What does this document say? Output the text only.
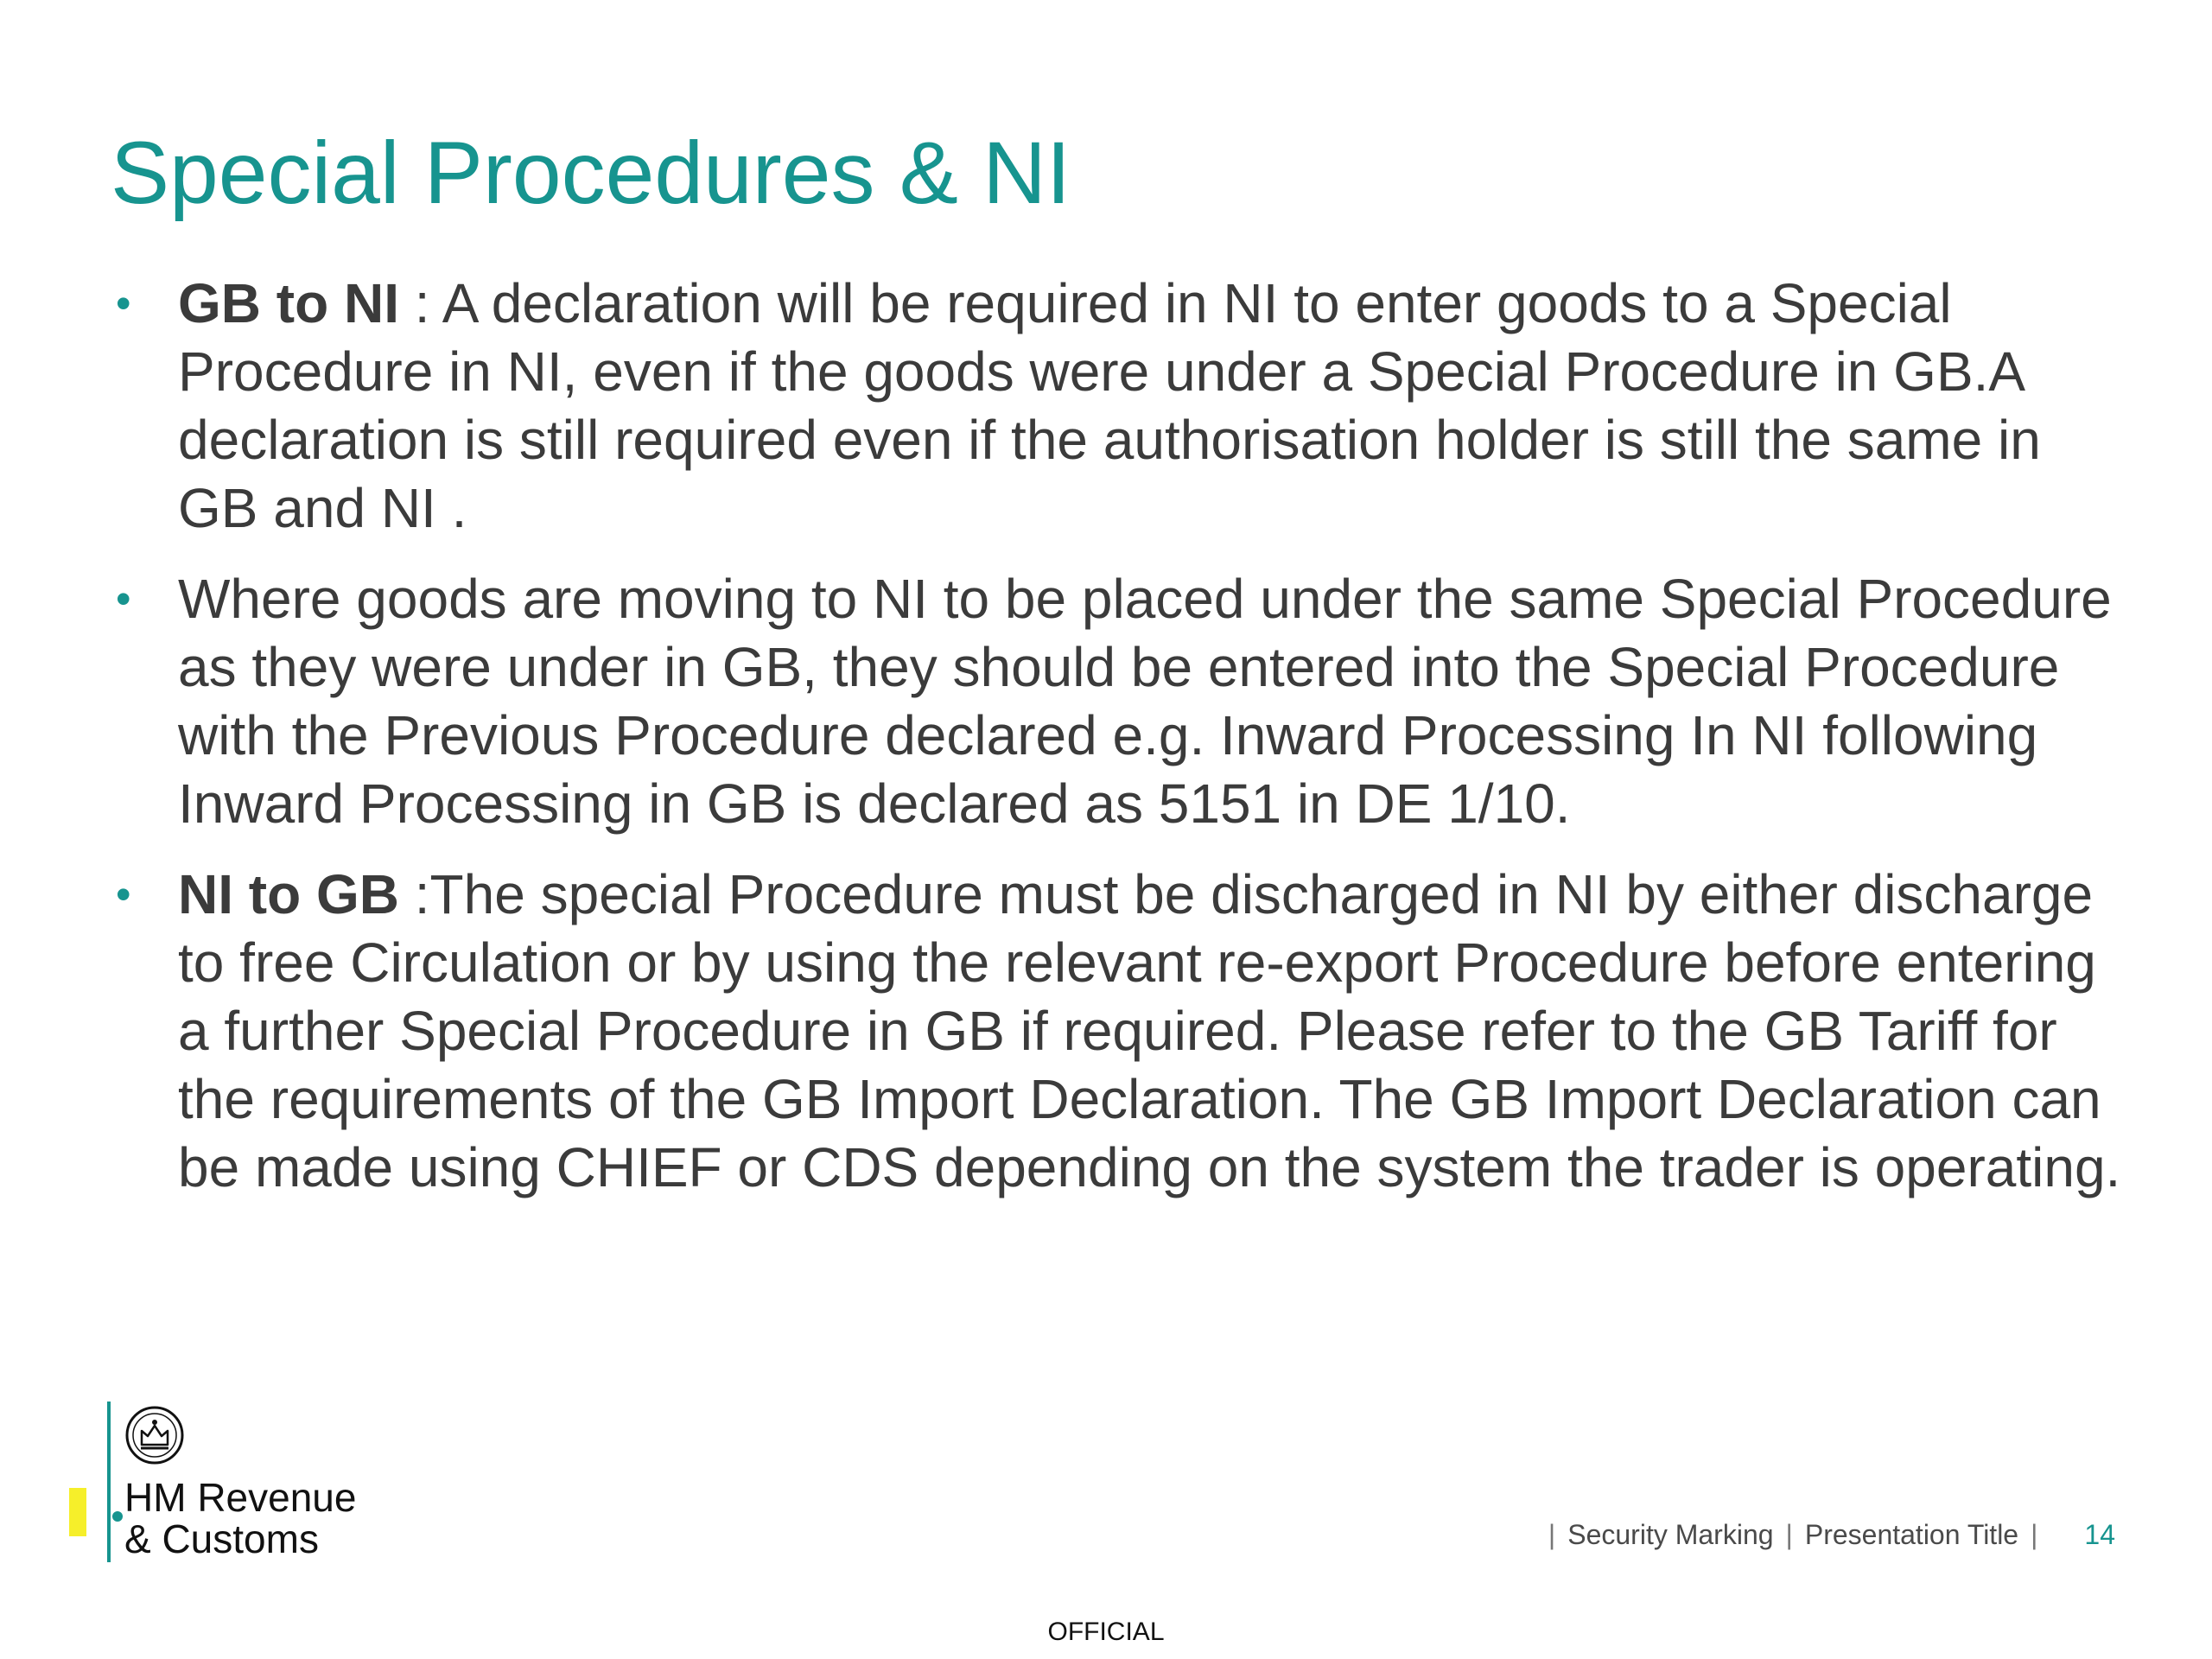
Special Procedures & NI
• GB to NI : A declaration will be required in NI to enter goods to a Special Procedure in NI, even if the goods were under a Special Procedure in GB.A declaration is still required even if the authorisation holder is still the same in GB and NI .
• Where goods are moving to NI to be placed under the same Special Procedure as they were under in GB, they should be entered into the Special Procedure with the Previous Procedure declared e.g. Inward Processing In NI following Inward Processing in GB is declared as 5151 in DE 1/10.
• NI to GB :The special Procedure must be discharged in NI by either discharge to free Circulation or by using the relevant re-export Procedure before entering a further Special Procedure in GB if required. Please refer to the GB Tariff for the requirements of the GB Import Declaration. The GB Import Declaration can be made using CHIEF or CDS depending on the system the trader is operating.
HM Revenue
& Customs	| Security Marking | Presentation Title | 14
OFFICIAL
